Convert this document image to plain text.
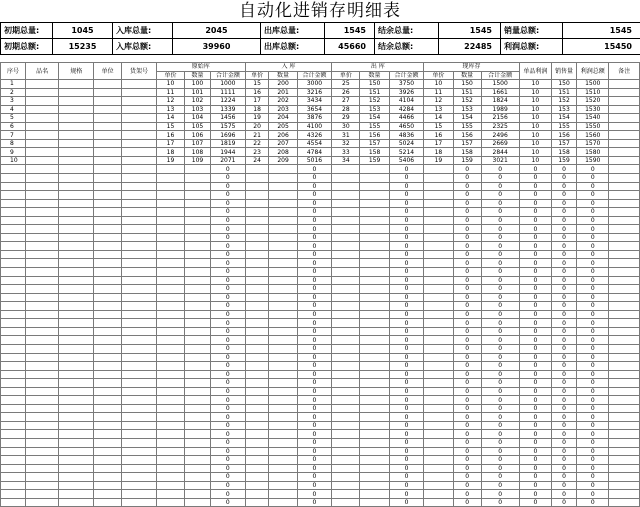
自动化进销存明细表
初期总量:	1045	入库总量:	2045	出库总量:	1545	结余总量:	1545	销量总额:	1545
初期总额:	15235	入库总额:	39960	出库总额:	45660	结余总额:	22485	利润总额:	15450
序号	品名	规格	单位	货架号	原始库			入 库			出 库			现库存			单品利润	销售量	利润总额	备注
					单价	数量	合计金额	单价	数量	合计金额	单价	数量	合计金额	单价	数量	合计金额				
1					10	100	1000	15	200	3000	25	150	3750	10	150	1500	10	150	1500	
2					11	101	1111	16	201	3216	26	151	3926	11	151	1661	10	151	1510	
3					12	102	1224	17	202	3434	27	152	4104	12	152	1824	10	152	1520	
4					13	103	1339	18	203	3654	28	153	4284	13	153	1989	10	153	1530	
5					14	104	1456	19	204	3876	29	154	4466	14	154	2156	10	154	1540	
6					15	105	1575	20	205	4100	30	155	4650	15	155	2325	10	155	1550	
7					16	106	1696	21	206	4326	31	156	4836	16	156	2496	10	156	1560	
8					17	107	1819	22	207	4554	32	157	5024	17	157	2669	10	157	1570	
9					18	108	1944	23	208	4784	33	158	5214	18	158	2844	10	158	1580	
10					19	109	2071	24	209	5016	34	159	5406	19	159	3021	10	159	1590	
							0			0			0		0	0	0	0	0	
							0			0			0		0	0	0	0	0	
							0			0			0		0	0	0	0	0	
							0			0			0		0	0	0	0	0	
							0			0			0		0	0	0	0	0	
							0			0			0		0	0	0	0	0	
							0			0			0		0	0	0	0	0	
							0			0			0		0	0	0	0	0	
							0			0			0		0	0	0	0	0	
							0			0			0		0	0	0	0	0	
							0			0			0		0	0	0	0	0	
							0			0			0		0	0	0	0	0	
							0			0			0		0	0	0	0	0	
							0			0			0		0	0	0	0	0	
							0			0			0		0	0	0	0	0	
							0			0			0		0	0	0	0	0	
							0			0			0		0	0	0	0	0	
							0			0			0		0	0	0	0	0	
							0			0			0		0	0	0	0	0	
							0			0			0		0	0	0	0	0	
							0			0			0		0	0	0	0	0	
							0			0			0		0	0	0	0	0	
							0			0			0		0	0	0	0	0	
							0			0			0		0	0	0	0	0	
							0			0			0		0	0	0	0	0	
							0			0			0		0	0	0	0	0	
							0			0			0		0	0	0	0	0	
							0			0			0		0	0	0	0	0	
							0			0			0		0	0	0	0	0	
							0			0			0		0	0	0	0	0	
							0			0			0		0	0	0	0	0	
							0			0			0		0	0	0	0	0	
							0			0			0		0	0	0	0	0	
							0			0			0		0	0	0	0	0	
							0			0			0		0	0	0	0	0	
							0			0			0		0	0	0	0	0	
							0			0			0		0	0	0	0	0	
							0			0			0		0	0	0	0	0	
							0			0			0		0	0	0	0	0	
							0			0			0		0	0	0	0	0	
